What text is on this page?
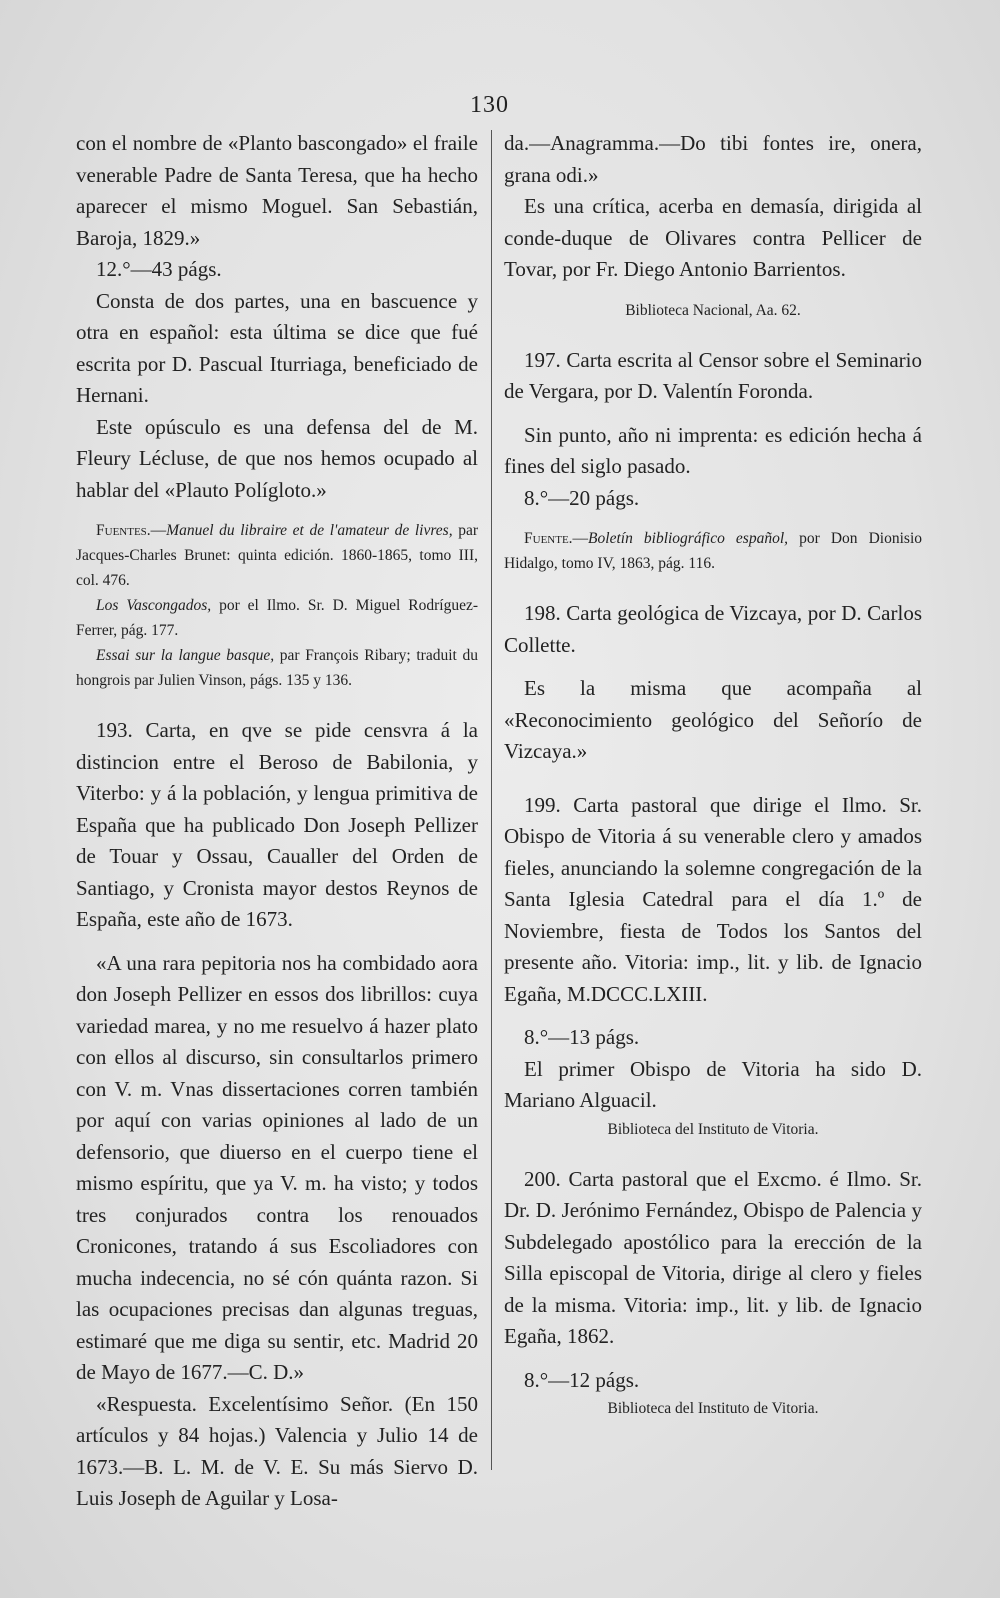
130

con el nombre de «Planto bascongado» el fraile venerable Padre de Santa Teresa, que ha hecho aparecer el mismo Moguel. San Sebastián, Baroja, 1829.»

12.°—43 págs.

Consta de dos partes, una en bascuence y otra en español: esta última se dice que fué escrita por D. Pascual Iturriaga, beneficiado de Hernani.

Este opúsculo es una defensa del de M. Fleury Lécluse, de que nos hemos ocupado al hablar del «Plauto Políglotо.»

Fuentes.—Manuel du libraire et de l'amateur de livres, par Jacques-Charles Brunet: quinta edición. 1860-1865, tomo III, col. 476.

Los Vascongados, por el Ilmo. Sr. D. Miguel Rodríguez-Ferrer, pág. 177.

Essai sur la langue basque, par François Ribary; traduit du hongrois par Julien Vinson, págs. 135 y 136.

193. Carta, en qve se pide censvra á la distincion entre el Beroso de Babilonia, y Viterbo: y á la población, y lengua primitiva de España que ha publicado Don Joseph Pellizer de Touar y Ossau, Caualler del Orden de Santiago, y Cronista mayor destos Reynos de España, este año de 1673.

«A una rara pepitoria nos ha combidado aora don Joseph Pellizer en essos dos librillos: cuya variedad marea, y no me resuelvo á hazer plato con ellos al discurso, sin consultarlos primero con V. m. Vnas dissertaciones corren también por aquí con varias opiniones al lado de un defensorio, que diuerso en el cuerpo tiene el mismo espíritu, que ya V. m. ha visto; y todos tres conjurados contra los renouados Cronicones, tratando á sus Escoliadores con mucha indecencia, no sé cón quánta razon. Si las ocupaciones precisas dan algunas treguas, estimaré que me diga su sentir, etc. Madrid 20 de Mayo de 1677.—C. D.»

«Respuesta. Excelentísimo Señor. (En 150 artículos y 84 hojas.) Valencia y Julio 14 de 1673.—B. L. M. de V. E. Su más Siervo D. Luis Joseph de Aguilar y Losa-

da.—Anagramma.—Do tibi fontes ire, onera, grana odi.»

Es una crítica, acerba en demasía, dirigida al conde-duque de Olivares contra Pellicer de Tovar, por Fr. Diego Antonio Barrientos.

Biblioteca Nacional, Aa. 62.

197. Carta escrita al Censor sobre el Seminario de Vergara, por D. Valentín Foronda.

Sin punto, año ni imprenta: es edición hecha á fines del siglo pasado.

8.°—20 págs.

Fuente.—Boletín bibliográfico español, por Don Dionisio Hidalgo, tomo IV, 1863, pág. 116.

198. Carta geológica de Vizcaya, por D. Carlos Collette.

Es la misma que acompaña al «Reconocimiento geológico del Señorío de Vizcaya.»

199. Carta pastoral que dirige el Ilmo. Sr. Obispo de Vitoria á su venerable clero y amados fieles, anunciando la solemne congregación de la Santa Iglesia Catedral para el día 1.º de Noviembre, fiesta de Todos los Santos del presente año. Vitoria: imp., lit. y lib. de Ignacio Egaña, M.DCCC.LXIII.

8.°—13 págs.

El primer Obispo de Vitoria ha sido D. Mariano Alguacil.

Biblioteca del Instituto de Vitoria.

200. Carta pastoral que el Excmo. é Ilmo. Sr. Dr. D. Jerónimo Fernández, Obispo de Palencia y Subdelegado apostólico para la erección de la Silla episcopal de Vitoria, dirige al clero y fieles de la misma. Vitoria: imp., lit. y lib. de Ignacio Egaña, 1862.

8.°—12 págs.

Biblioteca del Instituto de Vitoria.
